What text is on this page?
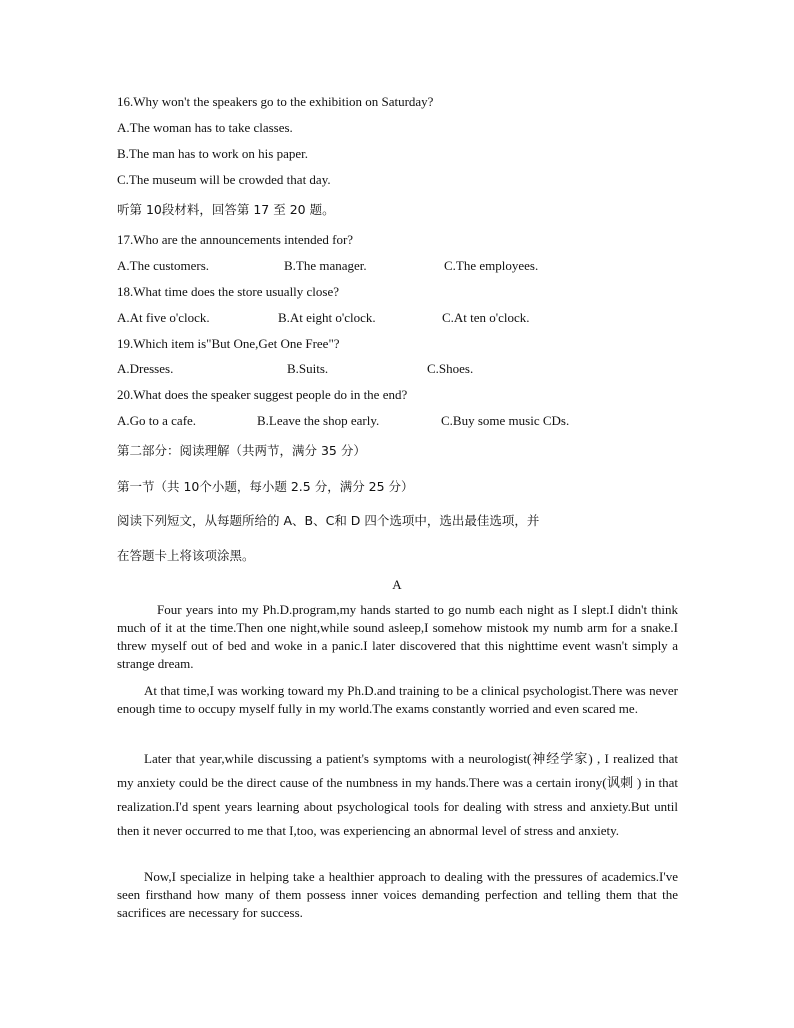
16.Why won't the speakers go to the exhibition on Saturday?
A.The woman has to take classes.
B.The man has to work on his paper.
C.The museum will be crowded that day.
听第 10段材料，回答第 17 至 20 题。
17.Who are the announcements intended for?
A.The customers.	B.The manager.	C.The employees.
18.What time does the store usually close?
A.At five o'clock.	B.At eight o'clock.	C.At ten o'clock.
19.Which item is"But One,Get One Free"?
A.Dresses.	B.Suits.	C.Shoes.
20.What does the speaker suggest people do in the end?
A.Go to a cafe.	B.Leave the shop early.	C.Buy some music CDs.
第二部分：阅读理解（共两节，满分 35 分）
第一节（共 10个小题，每小题 2.5 分，满分 25 分）
阅读下列短文，从每题所给的 A、B、C和 D 四个选项中，选出最佳选项，并
在答题卡上将该项涂黑。
A
Four years into my Ph.D.program,my hands started to go numb each night as I slept.I didn't think much of it at the time.Then one night,while sound asleep,I somehow mistook my numb arm for a snake.I threw myself out of bed and woke in a panic.I later discovered that this nighttime event wasn't simply a strange dream.
At that time,I was working toward my Ph.D.and training to be a clinical psychologist.There was never enough time to occupy myself fully in my world.The exams constantly worried and even scared me.
Later that year,while discussing a patient's symptoms with a neurologist(神经学家) , I realized that my anxiety could be the direct cause of the numbness in my hands.There was a certain irony(讽刺 ) in that realization.I'd spent years learning about psychological tools for dealing with stress and anxiety.But until then it never occurred to me that I,too, was experiencing an abnormal level of stress and anxiety.
Now,I specialize in helping take a healthier approach to dealing with the pressures of academics.I've seen firsthand how many of them possess inner voices demanding perfection and telling them that the sacrifices are necessary for success.
